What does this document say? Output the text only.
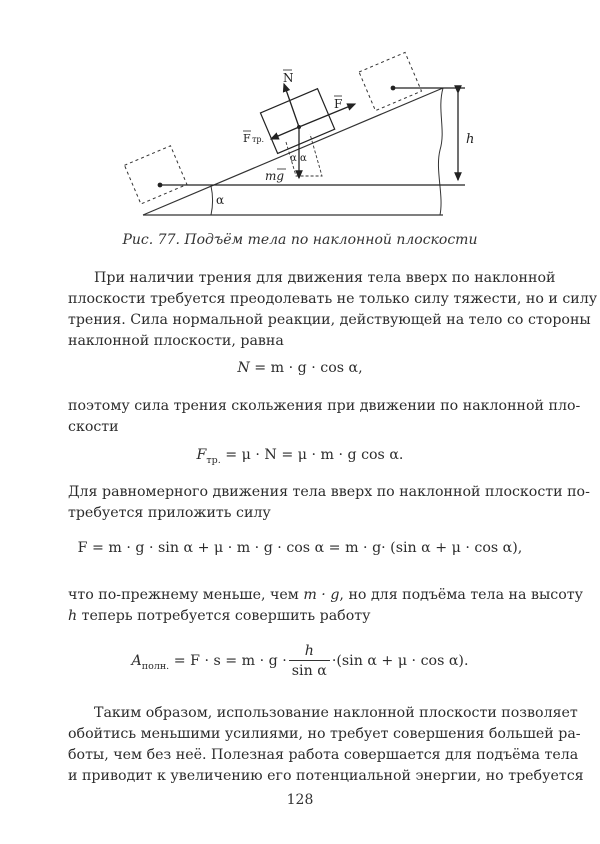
N
F
F тр.
mg
α α
α
h
Рис. 77. Подъём тела по наклонной плоскости
При наличии трения для движения тела вверх по наклонной
плоскости требуется преодолевать не только силу тяжести, но и силу
трения. Сила нормальной реакции, действующей на тело со стороны
наклонной плоскости, равна
N = m · g · cos α,
поэтому сила трения скольжения при движении по наклонной пло-
скости
$F_{тр.} = \mu \cdot N = \mu \cdot m \cdot g$ cos α.
Для равномерного движения тела вверх по наклонной плоскости по-
требуется приложить силу
F = m · g · sin α + μ · m · g · cos α = m · g· (sin α + μ · cos α),
что по-прежнему меньше, чем m · g, но для подъёма тела на высоту
h теперь потребуется совершить работу
$A_{полн.} = F \cdot s = m \cdot g \cdot \frac{h}{\text{sin α}} \cdot(\sin$ α + μ · cos α).
Таким образом, использование наклонной плоскости позволяет
обойтись меньшими усилиями, но требует совершения большей ра-
боты, чем без неё. Полезная работа совершается для подъёма тела
и приводит к увеличению его потенциальной энергии, но требуется
128
